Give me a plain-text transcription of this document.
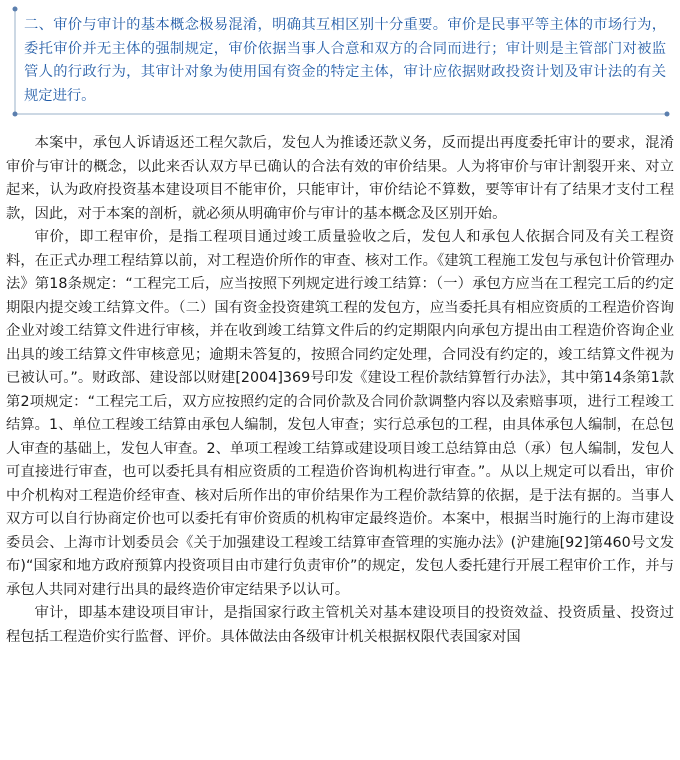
二、审价与审计的基本概念极易混淆，明确其互相区别十分重要。审价是民事平等主体的市场行为，委托审价并无主体的强制规定，审价依据当事人合意和双方的合同而进行；审计则是主管部门对被监管人的行政行为，其审计对象为使用国有资金的特定主体，审计应依据财政投资计划及审计法的有关规定进行。

本案中，承包人诉请返还工程欠款后，发包人为推诿还款义务，反而提出再度委托审计的要求，混淆审价与审计的概念，以此来否认双方早已确认的合法有效的审价结果。人为将审价与审计割裂开来、对立起来，认为政府投资基本建设项目不能审价，只能审计，审价结论不算数，要等审计有了结果才支付工程款，因此，对于本案的剖析，就必须从明确审价与审计的基本概念及区别开始。

审价，即工程审价，是指工程项目通过竣工质量验收之后，发包人和承包人依据合同及有关工程资料，在正式办理工程结算以前，对工程造价所作的审查、核对工作。《建筑工程施工发包与承包计价管理办法》第18条规定：“工程完工后，应当按照下列规定进行竣工结算：（一）承包方应当在工程完工后的约定期限内提交竣工结算文件。（二）国有资金投资建筑工程的发包方，应当委托具有相应资质的工程造价咨询企业对竣工结算文件进行审核，并在收到竣工结算文件后的约定期限内向承包方提出由工程造价咨询企业出具的竣工结算文件审核意见；逾期未答复的，按照合同约定处理，合同没有约定的，竣工结算文件视为已被认可。”。财政部、建设部以财建[2004]369号印发《建设工程价款结算暂行办法》，其中第14条第1款第2项规定：“工程完工后，双方应按照约定的合同价款及合同价款调整内容以及索赔事项，进行工程竣工结算。1、单位工程竣工结算由承包人编制，发包人审查；实行总承包的工程，由具体承包人编制，在总包人审查的基础上，发包人审查。2、单项工程竣工结算或建设项目竣工总结算由总（承）包人编制，发包人可直接进行审查，也可以委托具有相应资质的工程造价咨询机构进行审查。”。从以上规定可以看出，审价中介机构对工程造价经审查、核对后所作出的审价结果作为工程价款结算的依据，是于法有据的。当事人双方可以自行协商定价也可以委托有审价资质的机构审定最终造价。本案中，根据当时施行的上海市建设委员会、上海市计划委员会《关于加强建设工程竣工结算审查管理的实施办法》(沪建施[92]第460号文发布)“国家和地方政府预算内投资项目由市建行负责审价”的规定，发包人委托建行开展工程审价工作，并与承包人共同对建行出具的最终造价审定结果予以认可。

审计，即基本建设项目审计，是指国家行政主管机关对基本建设项目的投资效益、投资质量、投资过程包括工程造价实行监督、评价。具体做法由各级审计机关根据权限代表国家对国
